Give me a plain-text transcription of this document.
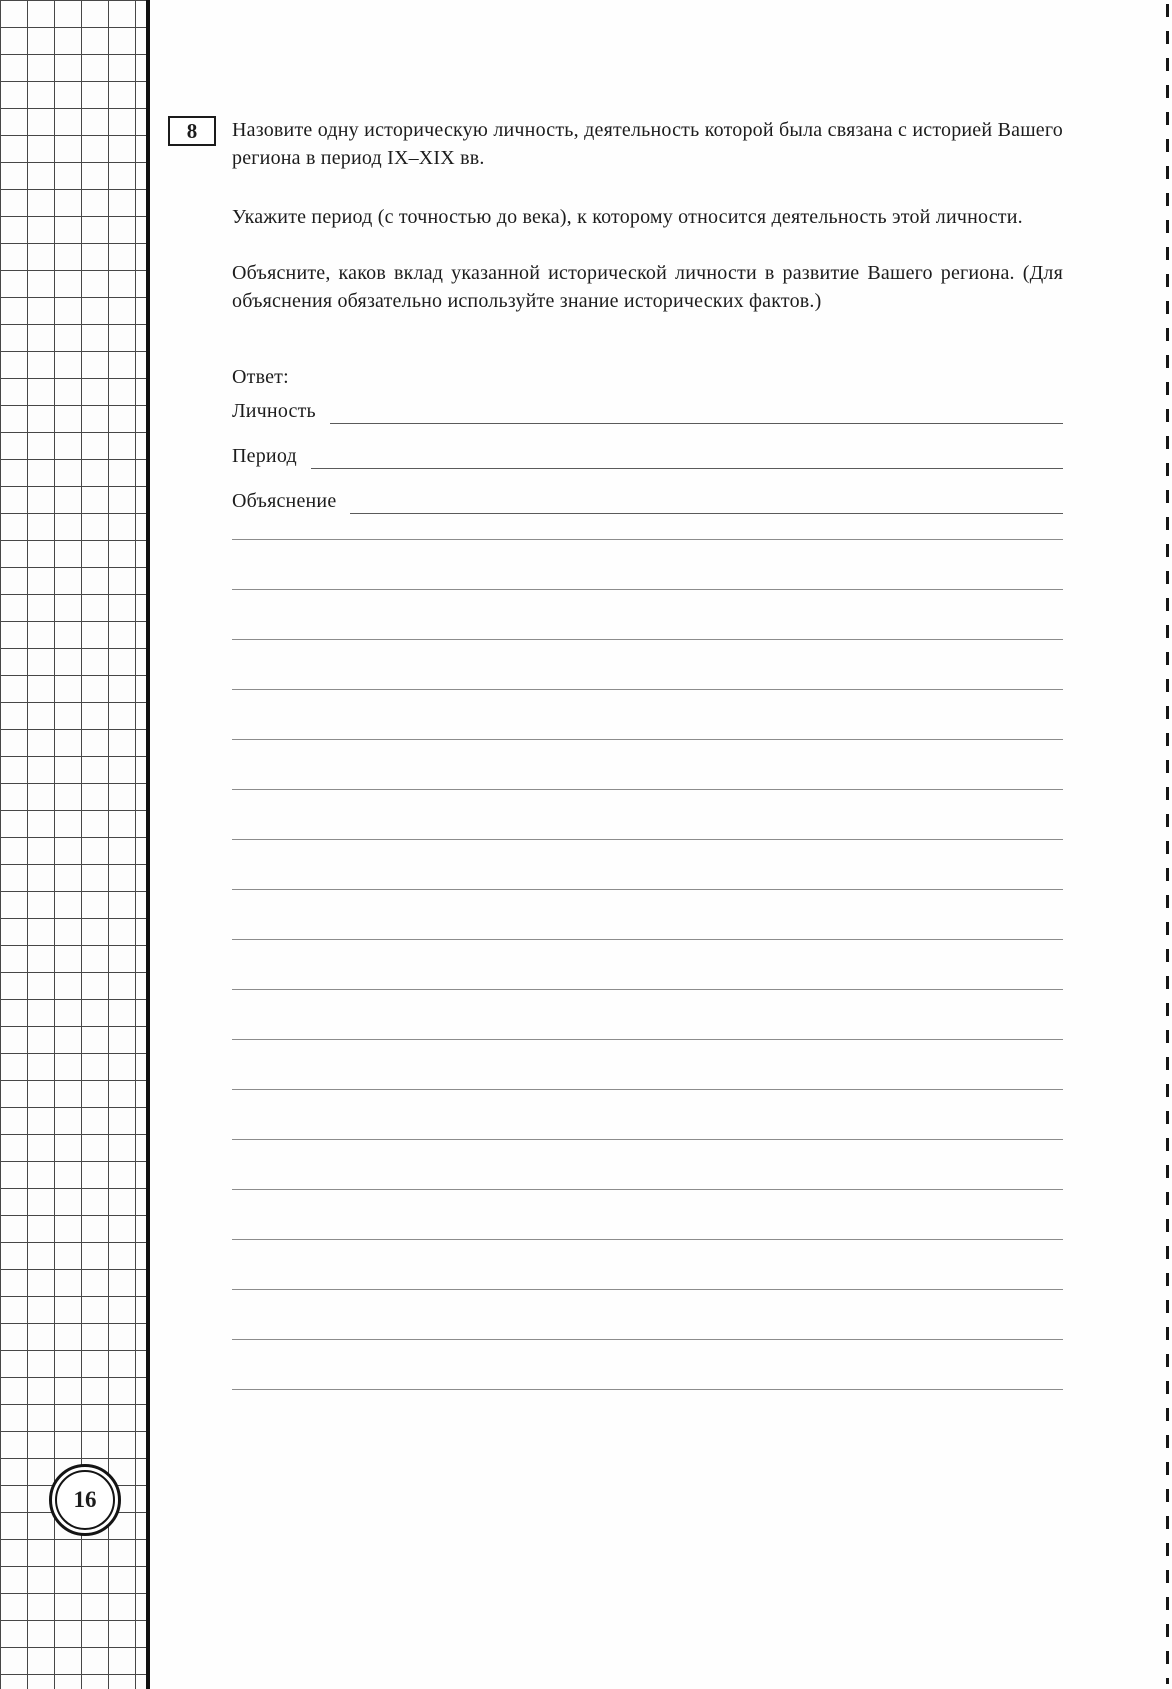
8 Назовите одну историческую личность, деятельность которой была связана с историей Вашего региона в период IX–XIX вв.

Укажите период (с точностью до века), к которому относится деятельность этой личности.

Объясните, каков вклад указанной исторической личности в развитие Вашего региона. (Для объяснения обязательно используйте знание исторических фактов.)

Ответ:

Личность
Период
Объяснение
16
